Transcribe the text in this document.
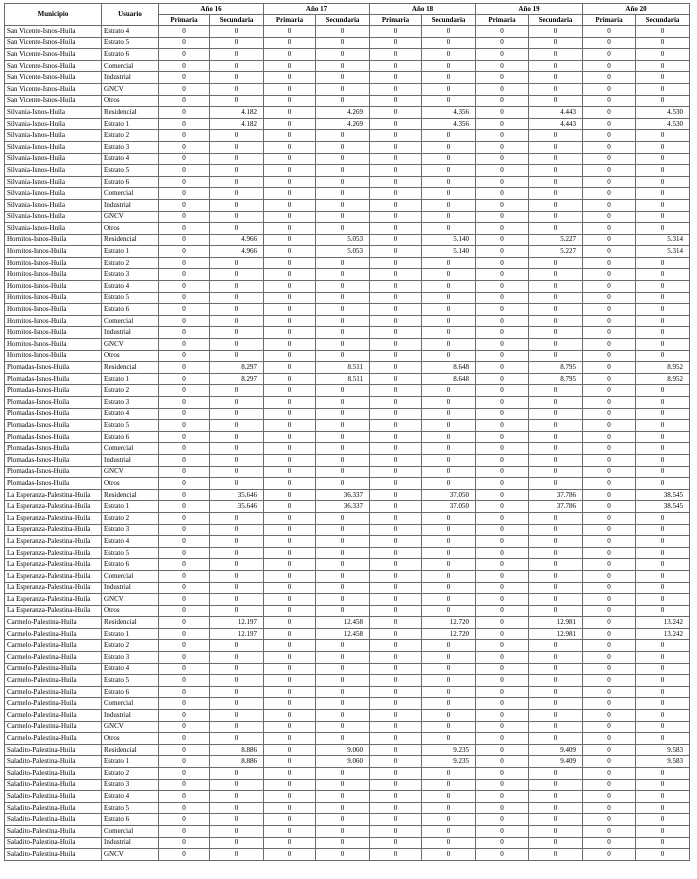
Municipio	Usuario	Año 16		Año 17		Año 18		Año 19		Año 20	
		Primaria	Secundaria	Primaria	Secundaria	Primaria	Secundaria	Primaria	Secundaria	Primaria	Secundaria
San Vicente-Isnos-Huila	Estrato 4	0	0	0	0	0	0	0	0	0	0
San Vicente-Isnos-Huila	Estrato 5	0	0	0	0	0	0	0	0	0	0
San Vicente-Isnos-Huila	Estrato 6	0	0	0	0	0	0	0	0	0	0
San Vicente-Isnos-Huila	Comercial	0	0	0	0	0	0	0	0	0	0
San Vicente-Isnos-Huila	Industrial	0	0	0	0	0	0	0	0	0	0
San Vicente-Isnos-Huila	GNCV	0	0	0	0	0	0	0	0	0	0
San Vicente-Isnos-Huila	Otros	0	0	0	0	0	0	0	0	0	0
Silvania-Isnos-Huila	Residencial	0	4.182	0	4.269	0	4.356	0	4.443	0	4.530
Silvania-Isnos-Huila	Estrato 1	0	4.182	0	4.269	0	4.356	0	4.443	0	4.530
Silvania-Isnos-Huila	Estrato 2	0	0	0	0	0	0	0	0	0	0
Silvania-Isnos-Huila	Estrato 3	0	0	0	0	0	0	0	0	0	0
Silvania-Isnos-Huila	Estrato 4	0	0	0	0	0	0	0	0	0	0
Silvania-Isnos-Huila	Estrato 5	0	0	0	0	0	0	0	0	0	0
Silvania-Isnos-Huila	Estrato 6	0	0	0	0	0	0	0	0	0	0
Silvania-Isnos-Huila	Comercial	0	0	0	0	0	0	0	0	0	0
Silvania-Isnos-Huila	Industrial	0	0	0	0	0	0	0	0	0	0
Silvania-Isnos-Huila	GNCV	0	0	0	0	0	0	0	0	0	0
Silvania-Isnos-Huila	Otros	0	0	0	0	0	0	0	0	0	0
Hornitos-Isnos-Huila	Residencial	0	4.966	0	5.053	0	5.140	0	5.227	0	5.314
Hornitos-Isnos-Huila	Estrato 1	0	4.966	0	5.053	0	5.140	0	5.227	0	5.314
Hornitos-Isnos-Huila	Estrato 2	0	0	0	0	0	0	0	0	0	0
Hornitos-Isnos-Huila	Estrato 3	0	0	0	0	0	0	0	0	0	0
Hornitos-Isnos-Huila	Estrato 4	0	0	0	0	0	0	0	0	0	0
Hornitos-Isnos-Huila	Estrato 5	0	0	0	0	0	0	0	0	0	0
Hornitos-Isnos-Huila	Estrato 6	0	0	0	0	0	0	0	0	0	0
Hornitos-Isnos-Huila	Comercial	0	0	0	0	0	0	0	0	0	0
Hornitos-Isnos-Huila	Industrial	0	0	0	0	0	0	0	0	0	0
Hornitos-Isnos-Huila	GNCV	0	0	0	0	0	0	0	0	0	0
Hornitos-Isnos-Huila	Otros	0	0	0	0	0	0	0	0	0	0
Plomadas-Isnos-Huila	Residencial	0	8.297	0	8.511	0	8.648	0	8.795	0	8.952
Plomadas-Isnos-Huila	Estrato 1	0	8.297	0	8.511	0	8.648	0	8.795	0	8.952
Plomadas-Isnos-Huila	Estrato 2	0	0	0	0	0	0	0	0	0	0
Plomadas-Isnos-Huila	Estrato 3	0	0	0	0	0	0	0	0	0	0
Plomadas-Isnos-Huila	Estrato 4	0	0	0	0	0	0	0	0	0	0
Plomadas-Isnos-Huila	Estrato 5	0	0	0	0	0	0	0	0	0	0
Plomadas-Isnos-Huila	Estrato 6	0	0	0	0	0	0	0	0	0	0
Plomadas-Isnos-Huila	Comercial	0	0	0	0	0	0	0	0	0	0
Plomadas-Isnos-Huila	Industrial	0	0	0	0	0	0	0	0	0	0
Plomadas-Isnos-Huila	GNCV	0	0	0	0	0	0	0	0	0	0
Plomadas-Isnos-Huila	Otros	0	0	0	0	0	0	0	0	0	0
La Esperanza-Palestina-Huila	Residencial	0	35.646	0	36.337	0	37.050	0	37.786	0	38.545
La Esperanza-Palestina-Huila	Estrato 1	0	35.646	0	36.337	0	37.050	0	37.786	0	38.545
La Esperanza-Palestina-Huila	Estrato 2	0	0	0	0	0	0	0	0	0	0
La Esperanza-Palestina-Huila	Estrato 3	0	0	0	0	0	0	0	0	0	0
La Esperanza-Palestina-Huila	Estrato 4	0	0	0	0	0	0	0	0	0	0
La Esperanza-Palestina-Huila	Estrato 5	0	0	0	0	0	0	0	0	0	0
La Esperanza-Palestina-Huila	Estrato 6	0	0	0	0	0	0	0	0	0	0
La Esperanza-Palestina-Huila	Comercial	0	0	0	0	0	0	0	0	0	0
La Esperanza-Palestina-Huila	Industrial	0	0	0	0	0	0	0	0	0	0
La Esperanza-Palestina-Huila	GNCV	0	0	0	0	0	0	0	0	0	0
La Esperanza-Palestina-Huila	Otros	0	0	0	0	0	0	0	0	0	0
Carmelo-Palestina-Huila	Residencial	0	12.197	0	12.458	0	12.720	0	12.981	0	13.242
Carmelo-Palestina-Huila	Estrato 1	0	12.197	0	12.458	0	12.720	0	12.981	0	13.242
Carmelo-Palestina-Huila	Estrato 2	0	0	0	0	0	0	0	0	0	0
Carmelo-Palestina-Huila	Estrato 3	0	0	0	0	0	0	0	0	0	0
Carmelo-Palestina-Huila	Estrato 4	0	0	0	0	0	0	0	0	0	0
Carmelo-Palestina-Huila	Estrato 5	0	0	0	0	0	0	0	0	0	0
Carmelo-Palestina-Huila	Estrato 6	0	0	0	0	0	0	0	0	0	0
Carmelo-Palestina-Huila	Comercial	0	0	0	0	0	0	0	0	0	0
Carmelo-Palestina-Huila	Industrial	0	0	0	0	0	0	0	0	0	0
Carmelo-Palestina-Huila	GNCV	0	0	0	0	0	0	0	0	0	0
Carmelo-Palestina-Huila	Otros	0	0	0	0	0	0	0	0	0	0
Saladito-Palestina-Huila	Residencial	0	8.886	0	9.060	0	9.235	0	9.409	0	9.583
Saladito-Palestina-Huila	Estrato 1	0	8.886	0	9.060	0	9.235	0	9.409	0	9.583
Saladito-Palestina-Huila	Estrato 2	0	0	0	0	0	0	0	0	0	0
Saladito-Palestina-Huila	Estrato 3	0	0	0	0	0	0	0	0	0	0
Saladito-Palestina-Huila	Estrato 4	0	0	0	0	0	0	0	0	0	0
Saladito-Palestina-Huila	Estrato 5	0	0	0	0	0	0	0	0	0	0
Saladito-Palestina-Huila	Estrato 6	0	0	0	0	0	0	0	0	0	0
Saladito-Palestina-Huila	Comercial	0	0	0	0	0	0	0	0	0	0
Saladito-Palestina-Huila	Industrial	0	0	0	0	0	0	0	0	0	0
Saladito-Palestina-Huila	GNCV	0	0	0	0	0	0	0	0	0	0
